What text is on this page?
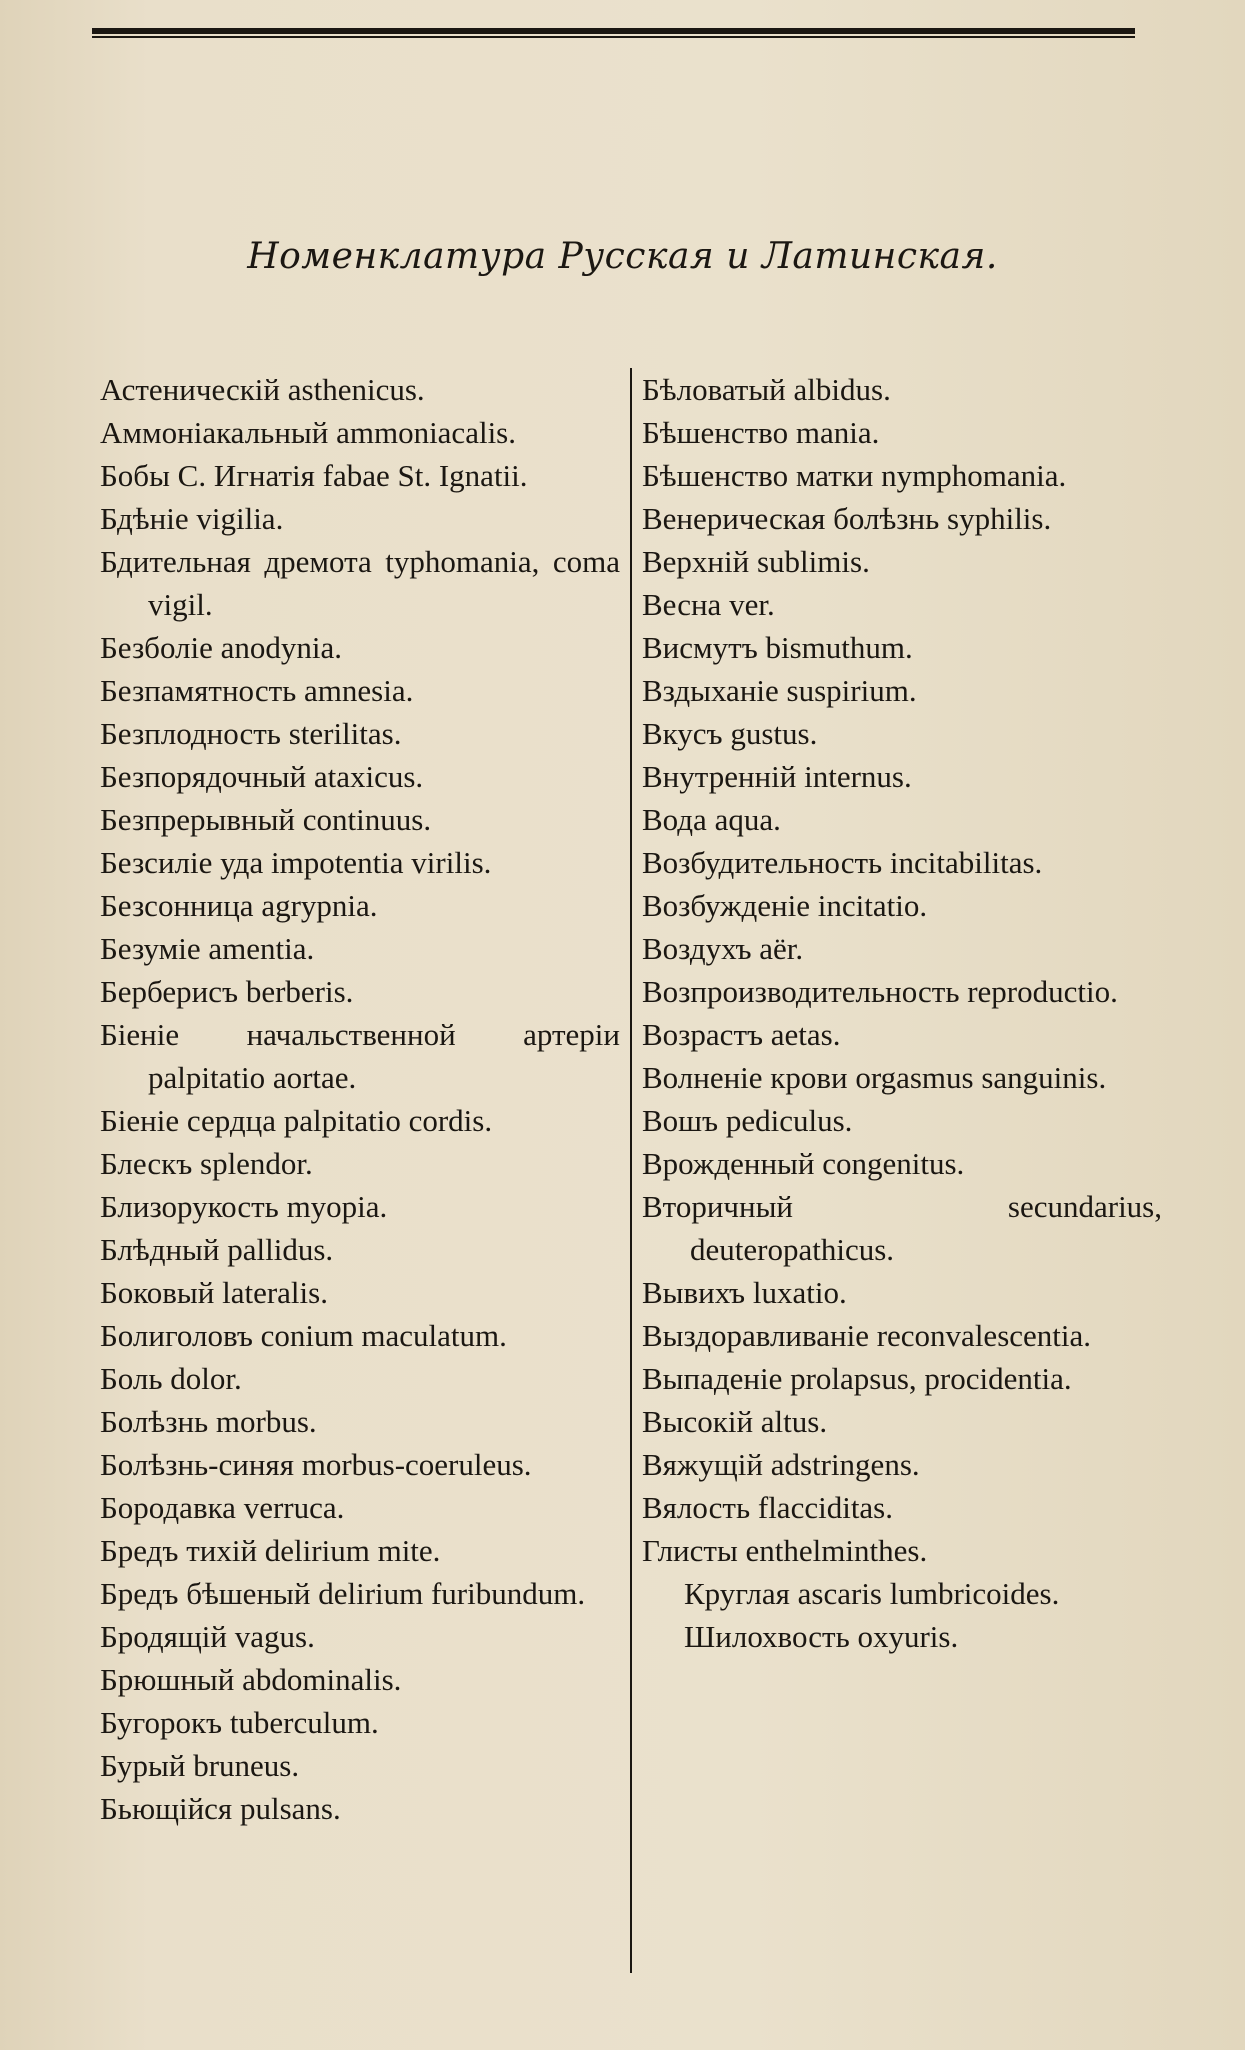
Номенклатура Русская и Латинская.

Астеническій asthenicus.

Аммоніакальный ammoniacalis.

Бобы С. Игнатія fabae St. Ignatii.

Бдѣніе vigilia.

Бдительная дремота typhomania, coma vigil.

Безболіе anodynia.

Безпамятность amnesia.

Безплодность sterilitas.

Безпорядочный ataxicus.

Безпрерывный continuus.

Безсиліе уда impotentia virilis.

Безсонница agrypnia.

Безуміе amentia.

Берберисъ berberis.

Біеніе начальственной артеріи palpitatio aortae.

Біеніе сердца palpitatio cordis.

Блескъ splendor.

Близорукость myopia.

Блѣдный pallidus.

Боковый lateralis.

Болиголовъ conium maculatum.

Боль dolor.

Болѣзнь morbus.

Болѣзнь-синяя morbus-coeruleus.

Бородавка verruca.

Бредъ тихій delirium mite.

Бредъ бѣшеный delirium furibundum.

Бродящій vagus.

Брюшный abdominalis.

Бугорокъ tuberculum.

Бурый bruneus.

Бьющійся pulsans.

Бѣловатый albidus.

Бѣшенство mania.

Бѣшенство матки nymphomania.

Венерическая болѣзнь syphilis.

Верхній sublimis.

Весна ver.

Висмутъ bismuthum.

Вздыханіе suspirium.

Вкусъ gustus.

Внутренній internus.

Вода aqua.

Возбудительность incitabilitas.

Возбужденіе incitatio.

Воздухъ aër.

Возпроизводительность reproductio.

Возрастъ aetas.

Волненіе крови orgasmus sanguinis.

Вошъ pediculus.

Врожденный congenitus.

Вторичный	secundarius, deuteropathicus.

Вывихъ luxatio.

Выздоравливаніе reconvalescentia.

Выпаденіе prolapsus, procidentia.

Высокій altus.

Вяжущій adstringens.

Вялость flacciditas.

Глисты enthelminthes.

Круглая ascaris lumbricoides.

Шилохвость oxyuris.
